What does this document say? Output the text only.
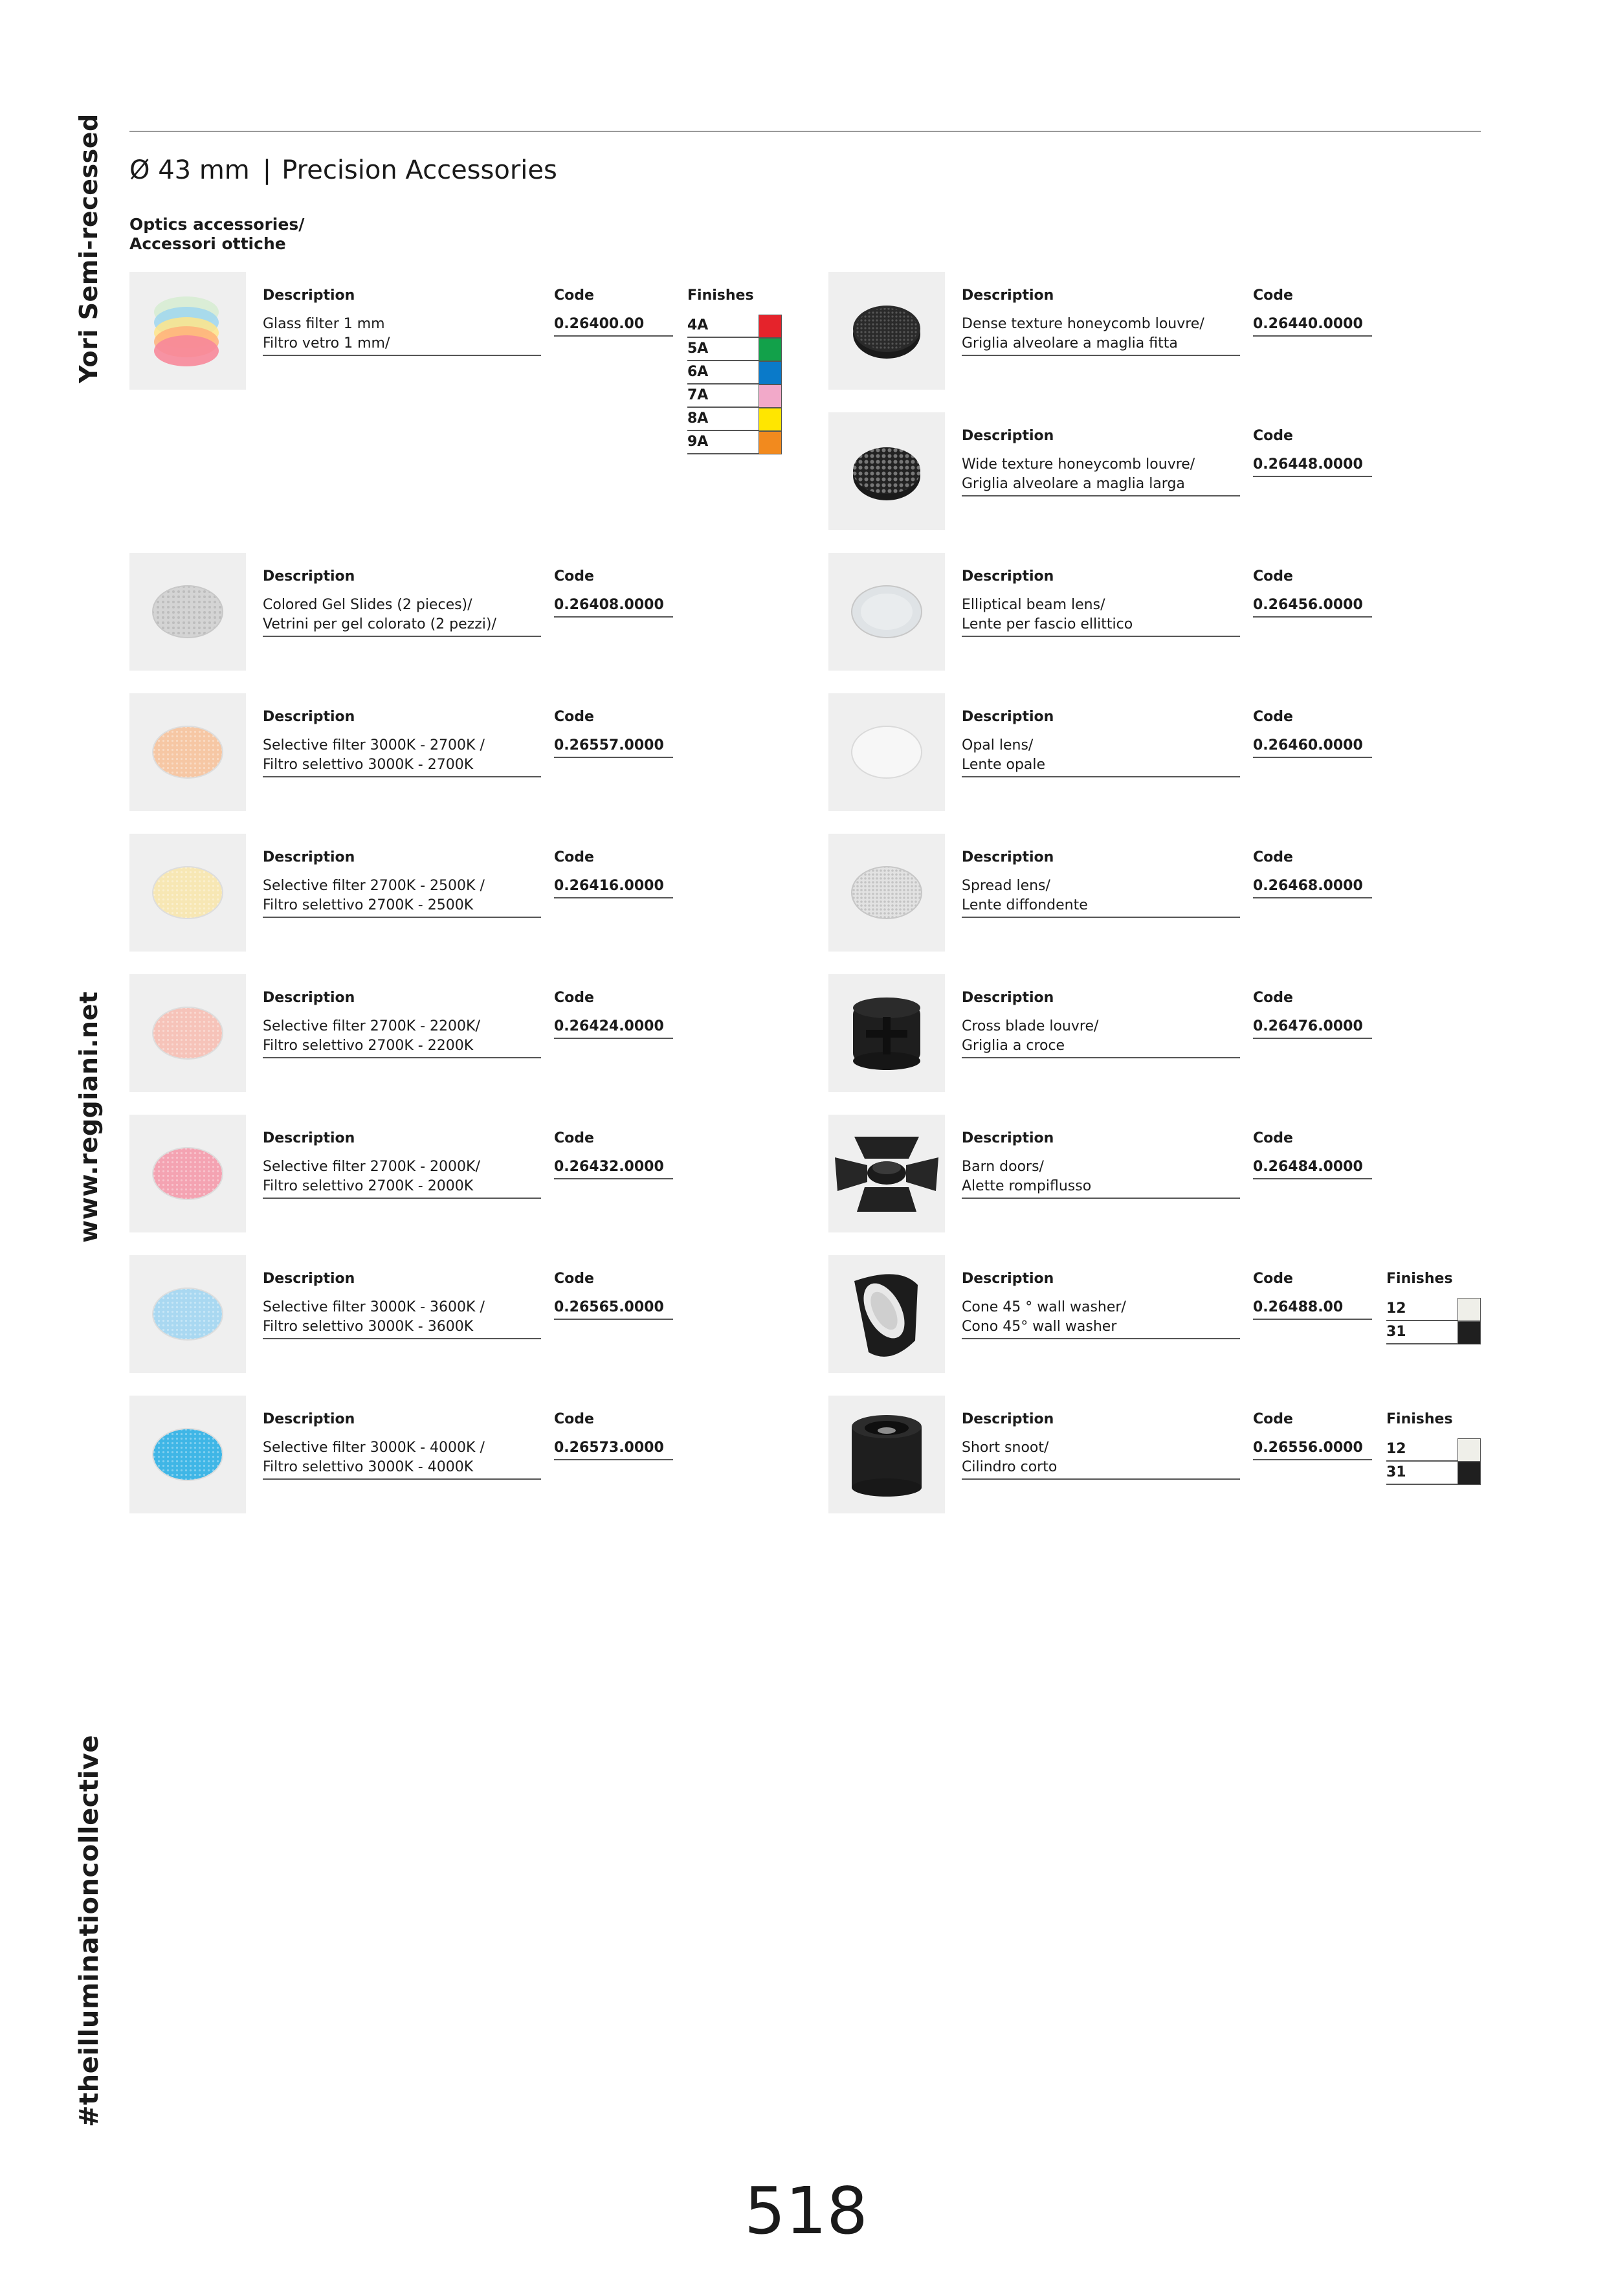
Yori Semi-recessed
www.reggiani.net
#theilluminationcollective
Ø 43 mm | Precision Accessories
Optics accessories/
Accessori ottiche
Description	Code
Glass filter 1 mm
Filtro vetro 1 mm/
0.26400.00
Finishes
4A
5A
6A
7A
8A
9A
Description	Code
Dense texture honeycomb louvre/
Griglia alveolare a maglia fitta
0.26440.0000
Description	Code
Wide texture honeycomb louvre/
Griglia alveolare a maglia larga
0.26448.0000
Description	Code
Colored Gel Slides (2 pieces)/
Vetrini per gel colorato (2 pezzi)/
0.26408.0000
Description	Code
Elliptical beam lens/
Lente per fascio ellittico
0.26456.0000
Description	Code
Selective filter 3000K - 2700K /
Filtro selettivo 3000K - 2700K
0.26557.0000
Description	Code
Opal lens/
Lente opale
0.26460.0000
Description	Code
Selective filter 2700K - 2500K /
Filtro selettivo 2700K - 2500K
0.26416.0000
Description	Code
Spread lens/
Lente diffondente
0.26468.0000
Description	Code
Selective filter 2700K - 2200K/
Filtro selettivo 2700K - 2200K
0.26424.0000
Description	Code
Cross blade louvre/
Griglia a croce
0.26476.0000
Description	Code
Selective filter 2700K - 2000K/
Filtro selettivo 2700K - 2000K
0.26432.0000
Description	Code
Barn doors/
Alette rompiflusso
0.26484.0000
Description	Code
Selective filter 3000K - 3600K /
Filtro selettivo 3000K - 3600K
0.26565.0000
Description	Code
Cone 45 ° wall washer/
Cono 45° wall washer
0.26488.00
Finishes
12
31
Description	Code
Selective filter 3000K - 4000K /
Filtro selettivo 3000K - 4000K
0.26573.0000
Description	Code
Short snoot/
Cilindro corto
0.26556.0000
Finishes
12
31
518
